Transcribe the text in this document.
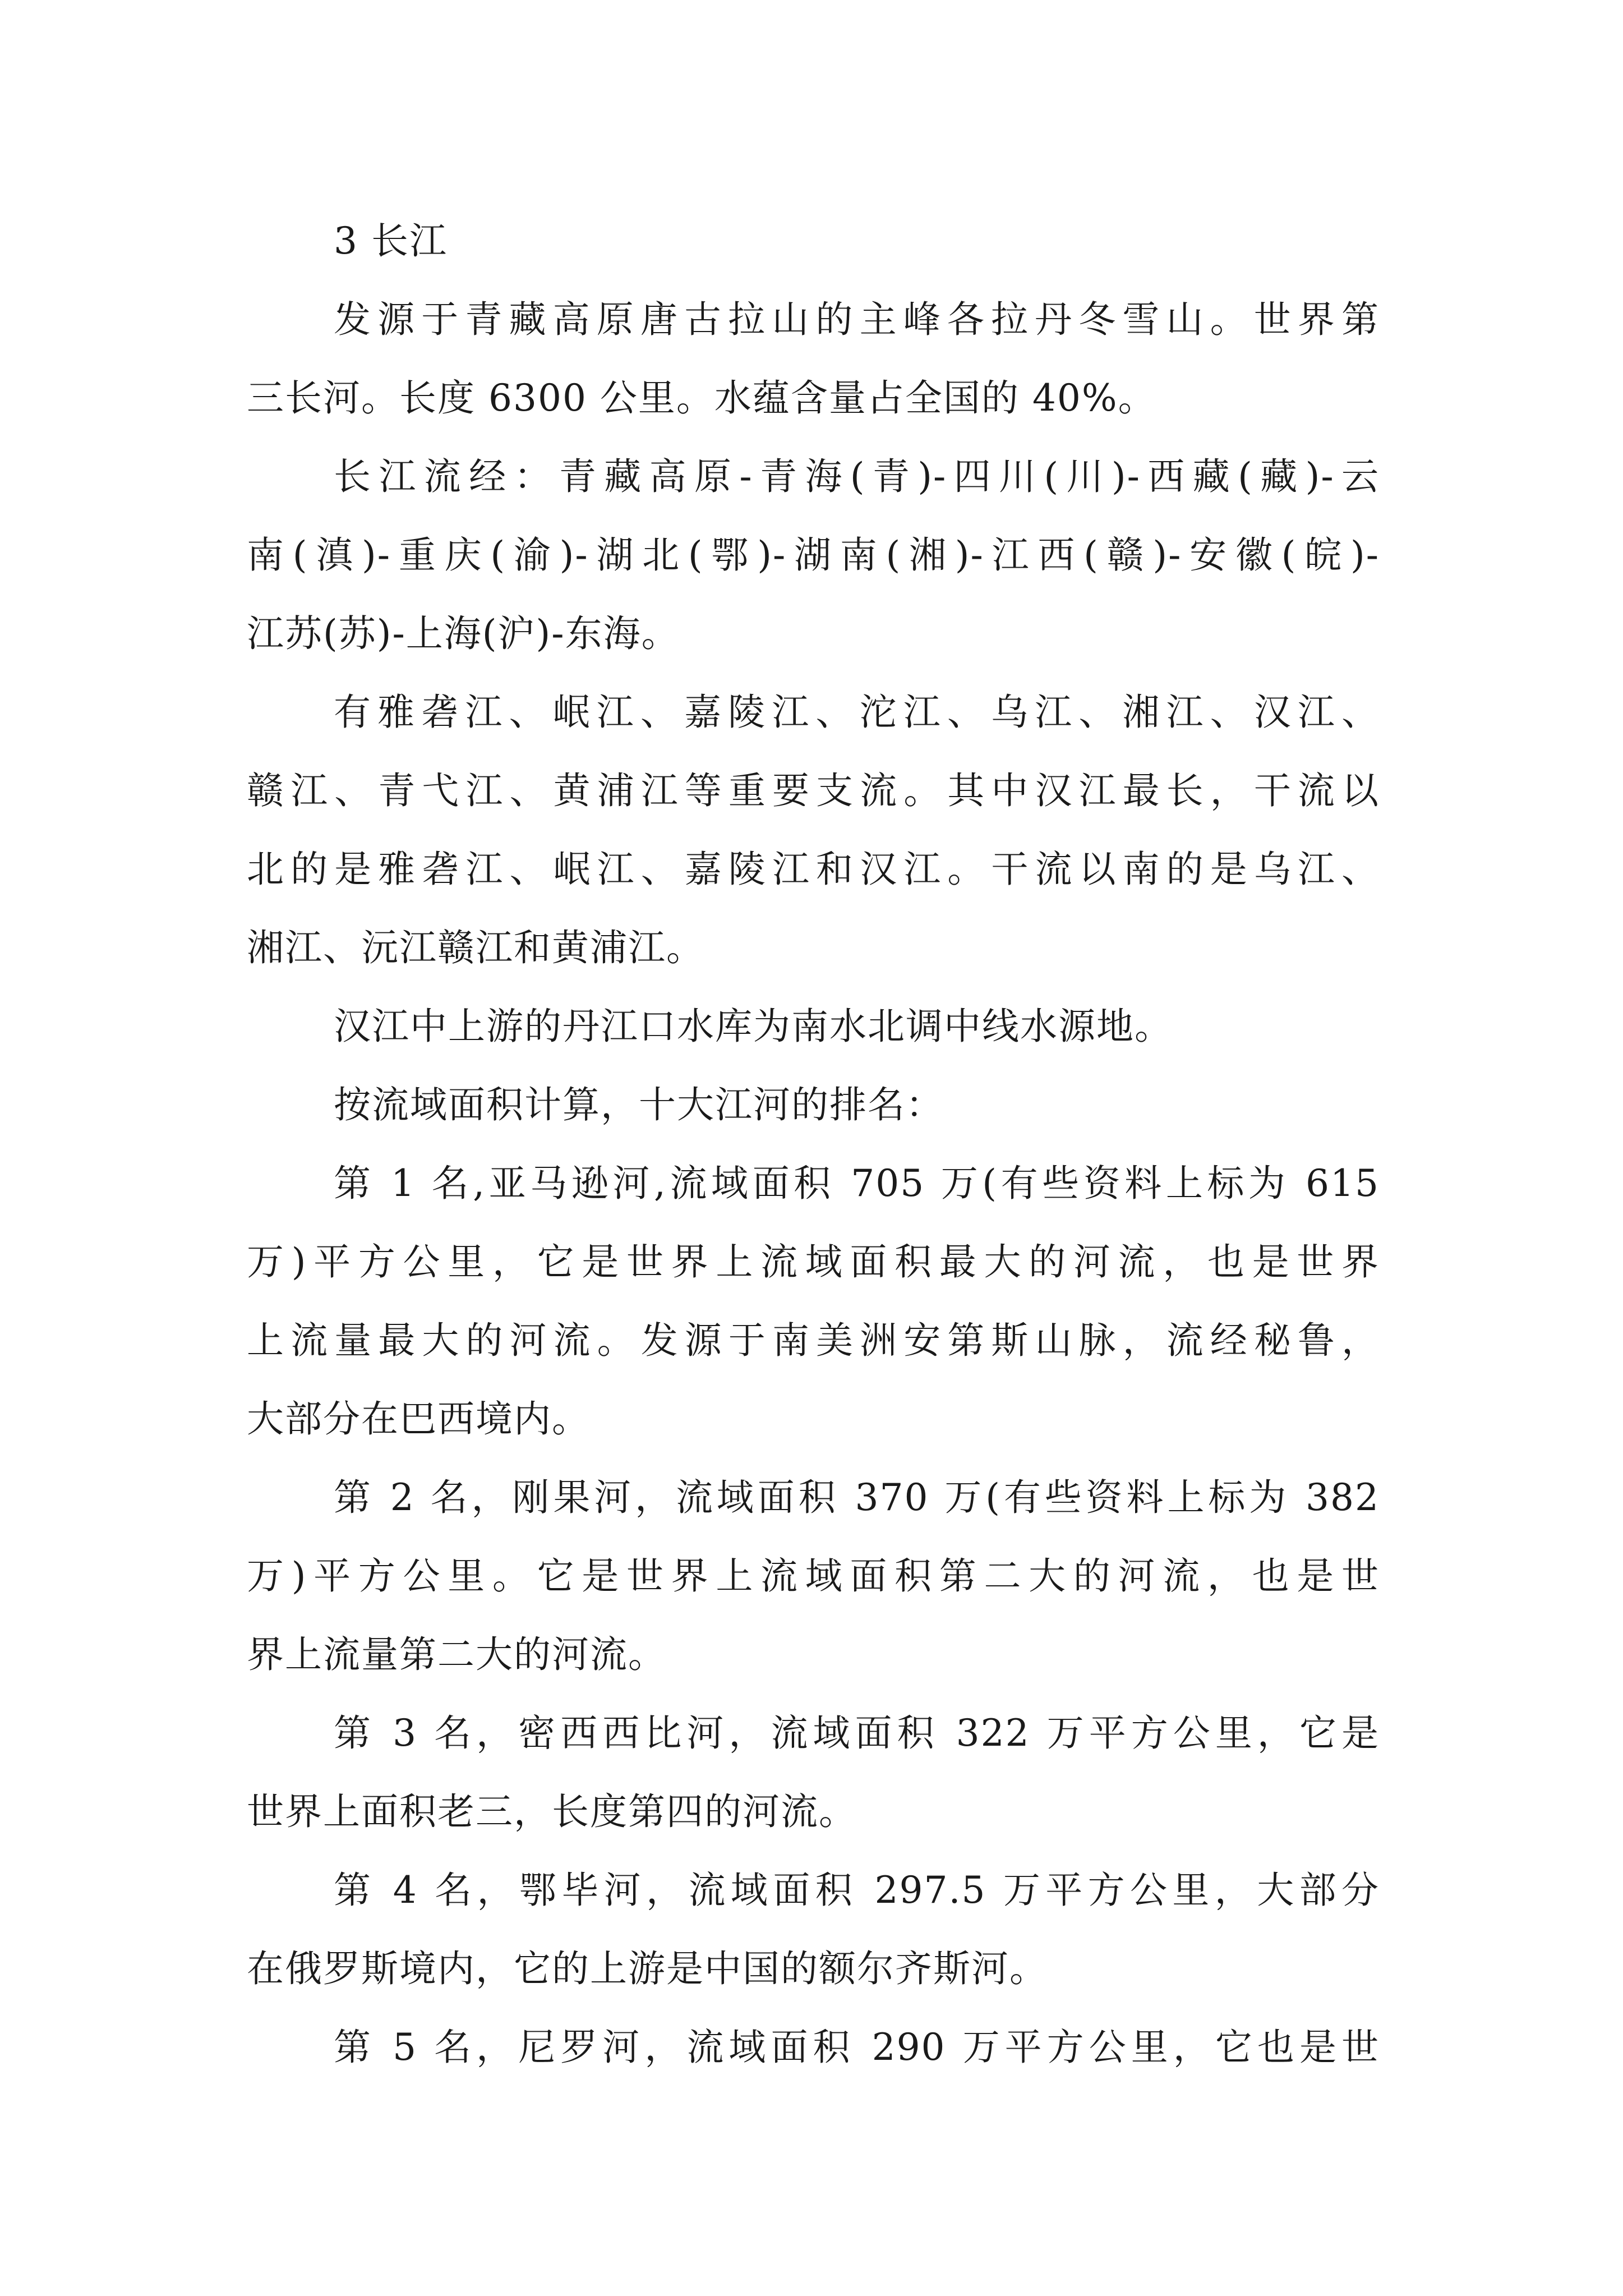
3 长江
发源于青藏高原唐古拉山的主峰各拉丹冬雪山。世界第
三长河。长度 6300 公里。水蕴含量占全国的 40%。
长江流经：青藏高原-青海(青)-四川(川)-西藏(藏)-云
南(滇)-重庆(渝)-湖北(鄂)-湖南(湘)-江西(赣)-安徽(皖)-
江苏(苏)-上海(沪)-东海。
有雅砻江、岷江、嘉陵江、沱江、乌江、湘江、汉江、
赣江、青弋江、黄浦江等重要支流。其中汉江最长，干流以
北的是雅砻江、岷江、嘉陵江和汉江。干流以南的是乌江、
湘江、沅江赣江和黄浦江。
汉江中上游的丹江口水库为南水北调中线水源地。
按流域面积计算，十大江河的排名：
第 1 名,亚马逊河,流域面积 705 万(有些资料上标为 615
万)平方公里，它是世界上流域面积最大的河流，也是世界
上流量最大的河流。发源于南美洲安第斯山脉，流经秘鲁，
大部分在巴西境内。
第 2 名，刚果河，流域面积 370 万(有些资料上标为 382
万)平方公里。它是世界上流域面积第二大的河流，也是世
界上流量第二大的河流。
第 3 名，密西西比河，流域面积 322 万平方公里，它是
世界上面积老三，长度第四的河流。
第 4 名，鄂毕河，流域面积 297.5 万平方公里，大部分
在俄罗斯境内，它的上游是中国的额尔齐斯河。
第 5 名，尼罗河，流域面积 290 万平方公里，它也是世
